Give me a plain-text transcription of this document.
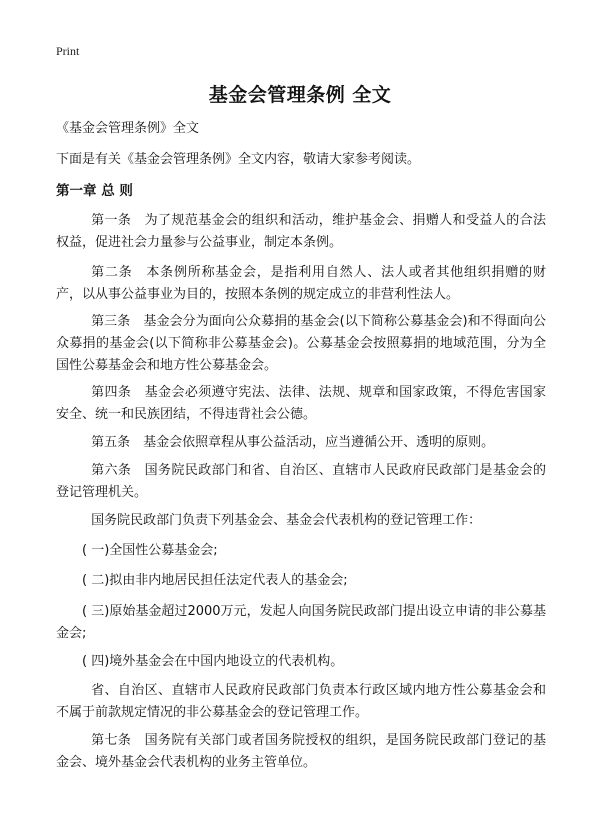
Print
基金会管理条例 全文

《基金会管理条例》全文

下面是有关《基金会管理条例》全文内容，敬请大家参考阅读。

第一章 总 则

第一条　为了规范基金会的组织和活动，维护基金会、捐赠人和受益人的合法权益，促进社会力量参与公益事业，制定本条例。

第二条　本条例所称基金会，是指利用自然人、法人或者其他组织捐赠的财产，以从事公益事业为目的，按照本条例的规定成立的非营利性法人。

第三条　基金会分为面向公众募捐的基金会(以下简称公募基金会)和不得面向公众募捐的基金会(以下简称非公募基金会)。公募基金会按照募捐的地域范围，分为全国性公募基金会和地方性公募基金会。

第四条　基金会必须遵守宪法、法律、法规、规章和国家政策，不得危害国家安全、统一和民族团结，不得违背社会公德。

第五条　基金会依照章程从事公益活动，应当遵循公开、透明的原则。

第六条　国务院民政部门和省、自治区、直辖市人民政府民政部门是基金会的登记管理机关。

国务院民政部门负责下列基金会、基金会代表机构的登记管理工作：

( 一)全国性公募基金会;

( 二)拟由非内地居民担任法定代表人的基金会;

( 三)原始基金超过2000万元，发起人向国务院民政部门提出设立申请的非公募基金会;

( 四)境外基金会在中国内地设立的代表机构。

省、自治区、直辖市人民政府民政部门负责本行政区域内地方性公募基金会和不属于前款规定情况的非公募基金会的登记管理工作。

第七条　国务院有关部门或者国务院授权的组织，是国务院民政部门登记的基金会、境外基金会代表机构的业务主管单位。
